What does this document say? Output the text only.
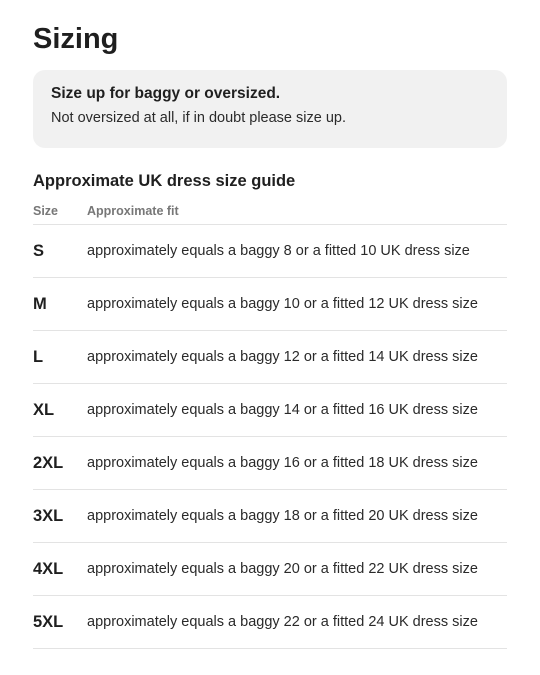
Sizing
Size up for baggy or oversized.
Not oversized at all, if in doubt please size up.
Approximate UK dress size guide
Size	Approximate fit
S	approximately equals a baggy 8 or a fitted 10 UK dress size
M	approximately equals a baggy 10 or a fitted 12 UK dress size
L	approximately equals a baggy 12 or a fitted 14 UK dress size
XL	approximately equals a baggy 14 or a fitted 16 UK dress size
2XL	approximately equals a baggy 16 or a fitted 18 UK dress size
3XL	approximately equals a baggy 18 or a fitted 20 UK dress size
4XL	approximately equals a baggy 20 or a fitted 22 UK dress size
5XL	approximately equals a baggy 22 or a fitted 24 UK dress size
